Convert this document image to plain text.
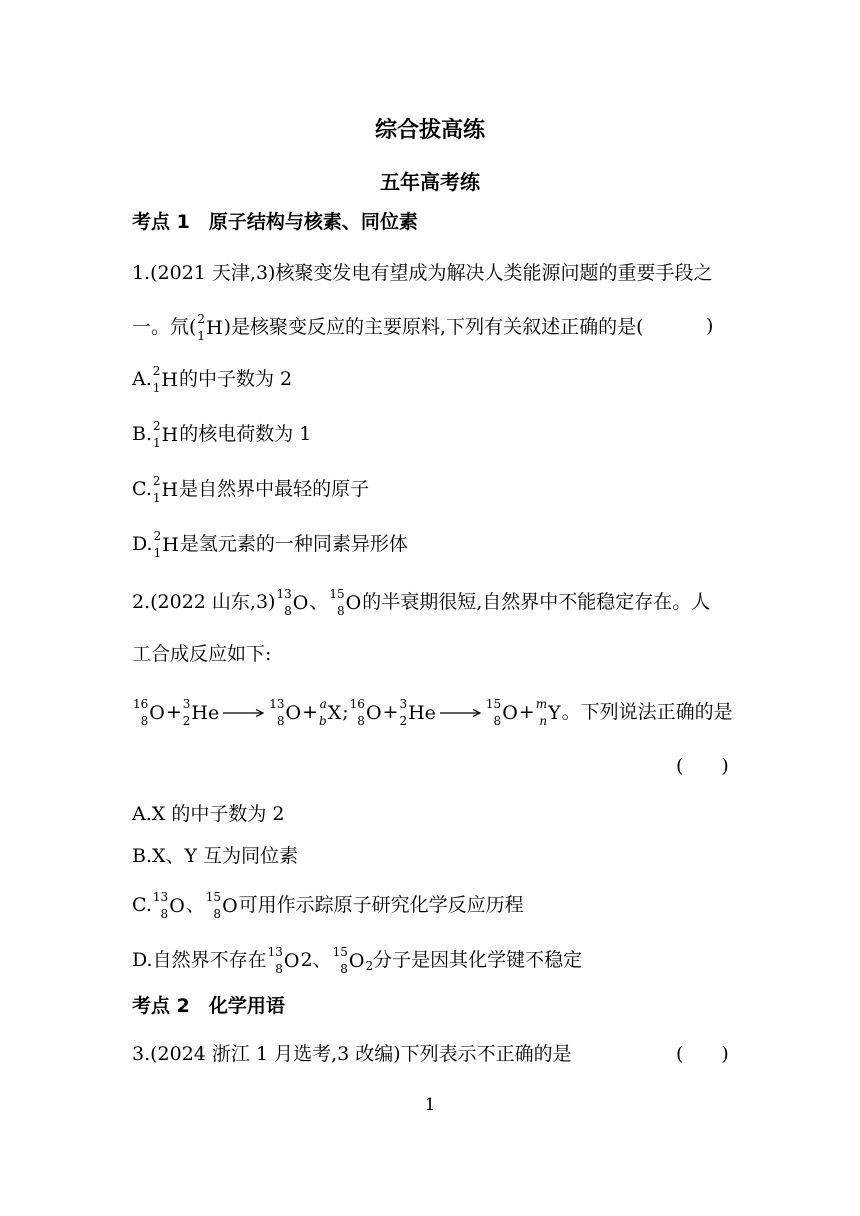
综合拔高练
五年高考练
考点 1　原子结构与核素、同位素
1.(2021 天津,3)核聚变发电有望成为解决人类能源问题的重要手段之
一。氘( 2
1 H )是核聚变反应的主要原料,下列有关叙述正确的是(	)
A. 2
1 H 的中子数为 2
B. 2
1 H 的核电荷数为 1
C. 2
1 H 是自然界中最轻的原子
D. 2
1 H 是氢元素的一种同素异形体
2.(2022 山东,3) 13
8 O 、 15
8 O 的半衰期很短,自然界中不能稳定存在。人
工合成反应如下:
16
8 O + 3
2 He →
13
8 O + a
b X ; 16
8 O + 3
2 He →
15
8 O + m
n Y 。下列说法正确的是
(　　)
A.X 的中子数为 2
B.X、Y 互为同位素
C. 13
8 O 、 15
8 O 可用作示踪原子研究化学反应历程
D.自然界不存在 13
8 O 2、 15
8 O $_2$分子是因其化学键不稳定
考点 2　化学用语
3.(2024 浙江 1 月选考,3 改编)下列表示不正确的是	(　　)
1
